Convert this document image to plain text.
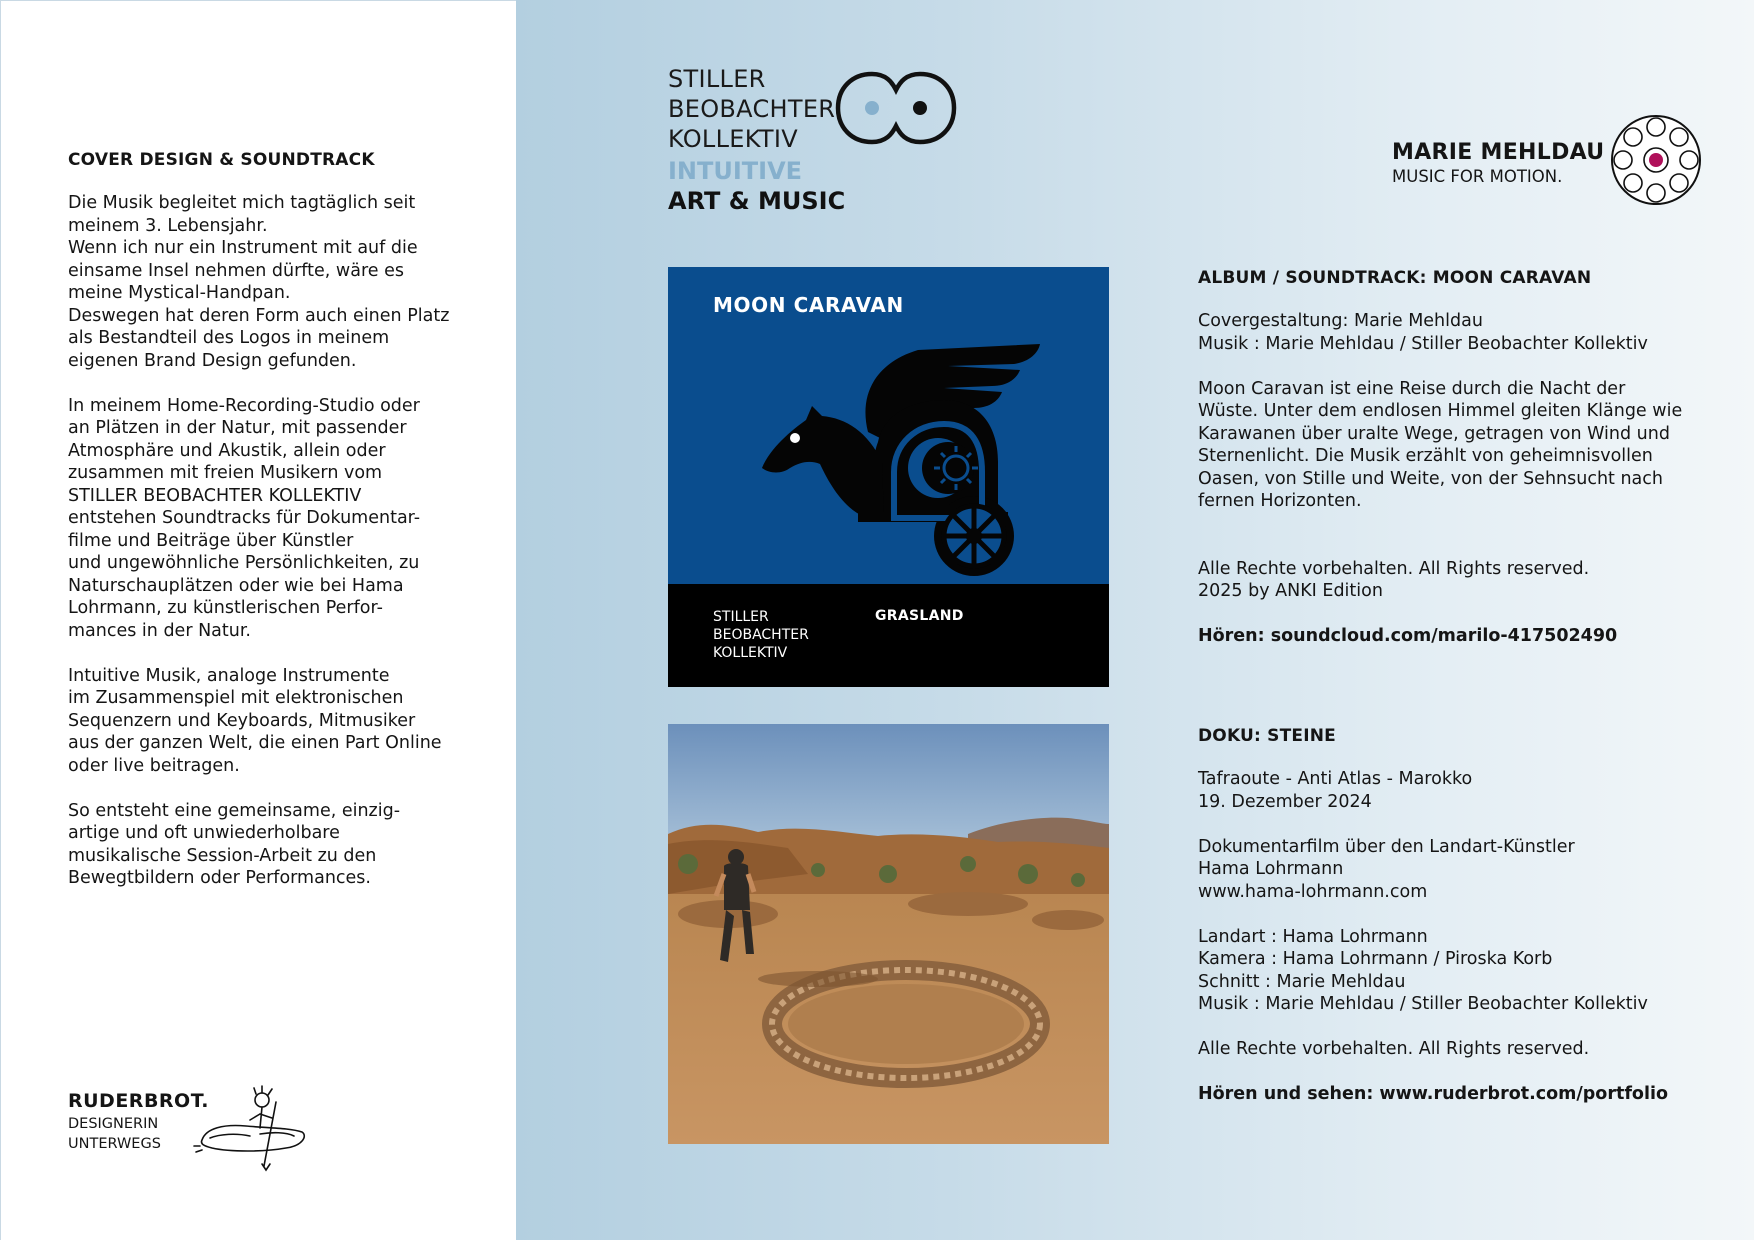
COVER DESIGN & SOUNDTRACK
Die Musik begleitet mich tagtäglich seit
meinem 3. Lebensjahr.
Wenn ich nur ein Instrument mit auf die
einsame Insel nehmen dürfte, wäre es
meine Mystical-Handpan.
Deswegen hat deren Form auch einen Platz
als Bestandteil des Logos in meinem
eigenen Brand Design gefunden.
In meinem Home-Recording-Studio oder
an Plätzen in der Natur, mit passender
Atmosphäre und Akustik, allein oder
zusammen mit freien Musikern vom
STILLER BEOBACHTER KOLLEKTIV
entstehen Soundtracks für Dokumentar-
filme und Beiträge über Künstler
und ungewöhnliche Persönlichkeiten, zu
Naturschauplätzen oder wie bei Hama
Lohrmann, zu künstlerischen Perfor-
mances in der Natur.
Intuitive Musik, analoge Instrumente
im Zusammenspiel mit elektronischen
Sequenzern und Keyboards, Mitmusiker
aus der ganzen Welt, die einen Part Online
oder live beitragen.
So entsteht eine gemeinsame, einzig-
artige und oft unwiederholbare
musikalische Session-Arbeit zu den
Bewegtbildern oder Performances.
RUDERBROT.
DESIGNERIN
UNTERWEGS
STILLER
BEOBACHTER
KOLLEKTIV
INTUITIVE
ART & MUSIC
MARIE MEHLDAU
MUSIC FOR MOTION.
MOON CARAVAN
STILLER
BEOBACHTER
KOLLEKTIV
GRASLAND
ALBUM / SOUNDTRACK: MOON CARAVAN
Covergestaltung: Marie Mehldau
Musik : Marie Mehldau / Stiller Beobachter Kollektiv
Moon Caravan ist eine Reise durch die Nacht der
Wüste. Unter dem endlosen Himmel gleiten Klänge wie
Karawanen über uralte Wege, getragen von Wind und
Sternenlicht. Die Musik erzählt von geheimnisvollen
Oasen, von Stille und Weite, von der Sehnsucht nach
fernen Horizonten.
Alle Rechte vorbehalten. All Rights reserved.
2025 by ANKI Edition
Hören: soundcloud.com/marilo-417502490
DOKU: STEINE
Tafraoute - Anti Atlas - Marokko
19. Dezember 2024
Dokumentarfilm über den Landart-Künstler
Hama Lohrmann
www.hama-lohrmann.com
Landart : Hama Lohrmann
Kamera : Hama Lohrmann / Piroska Korb
Schnitt : Marie Mehldau
Musik : Marie Mehldau / Stiller Beobachter Kollektiv
Alle Rechte vorbehalten. All Rights reserved.
Hören und sehen: www.ruderbrot.com/portfolio
